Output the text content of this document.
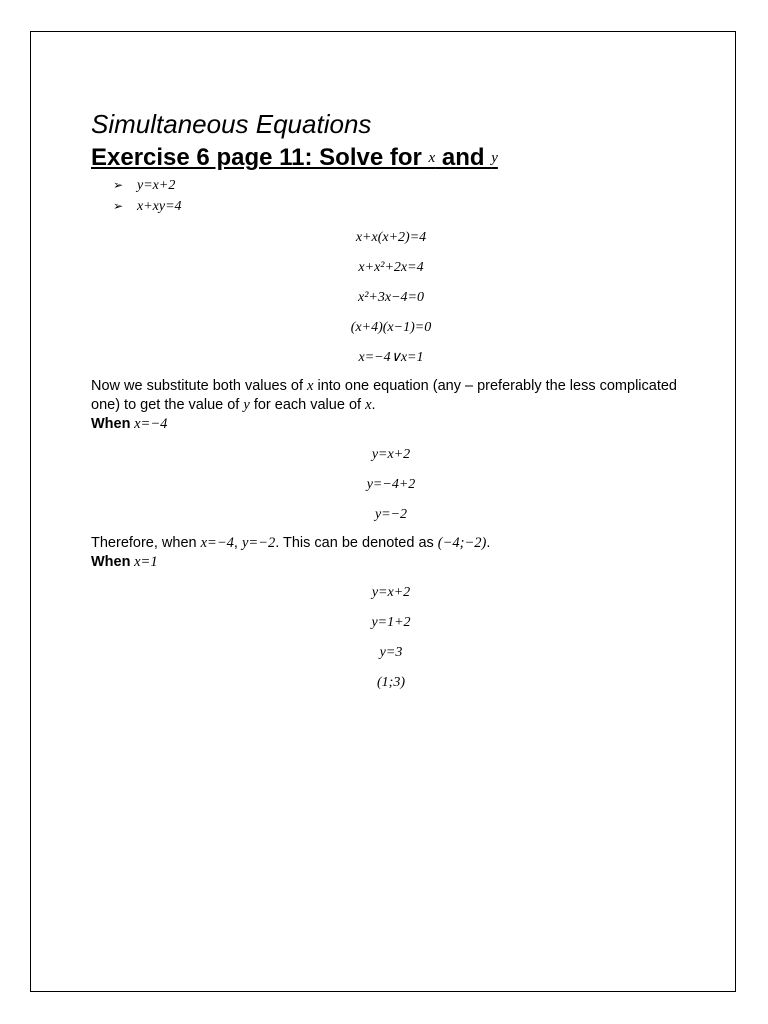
Simultaneous Equations
Exercise 6 page 11: Solve for x and y
➢ y=x+2
➢ x+xy=4
x+x(x+2)=4
x+x²+2x=4
x²+3x−4=0
(x+4)(x−1)=0
x=−4∨x=1
Now we substitute both values of x into one equation (any – preferably the less complicated one) to get the value of y for each value of x.
When x=−4
y=x+2
y=−4+2
y=−2
Therefore, when x=−4, y=−2. This can be denoted as (−4;−2).
When x=1
y=x+2
y=1+2
y=3
(1;3)
